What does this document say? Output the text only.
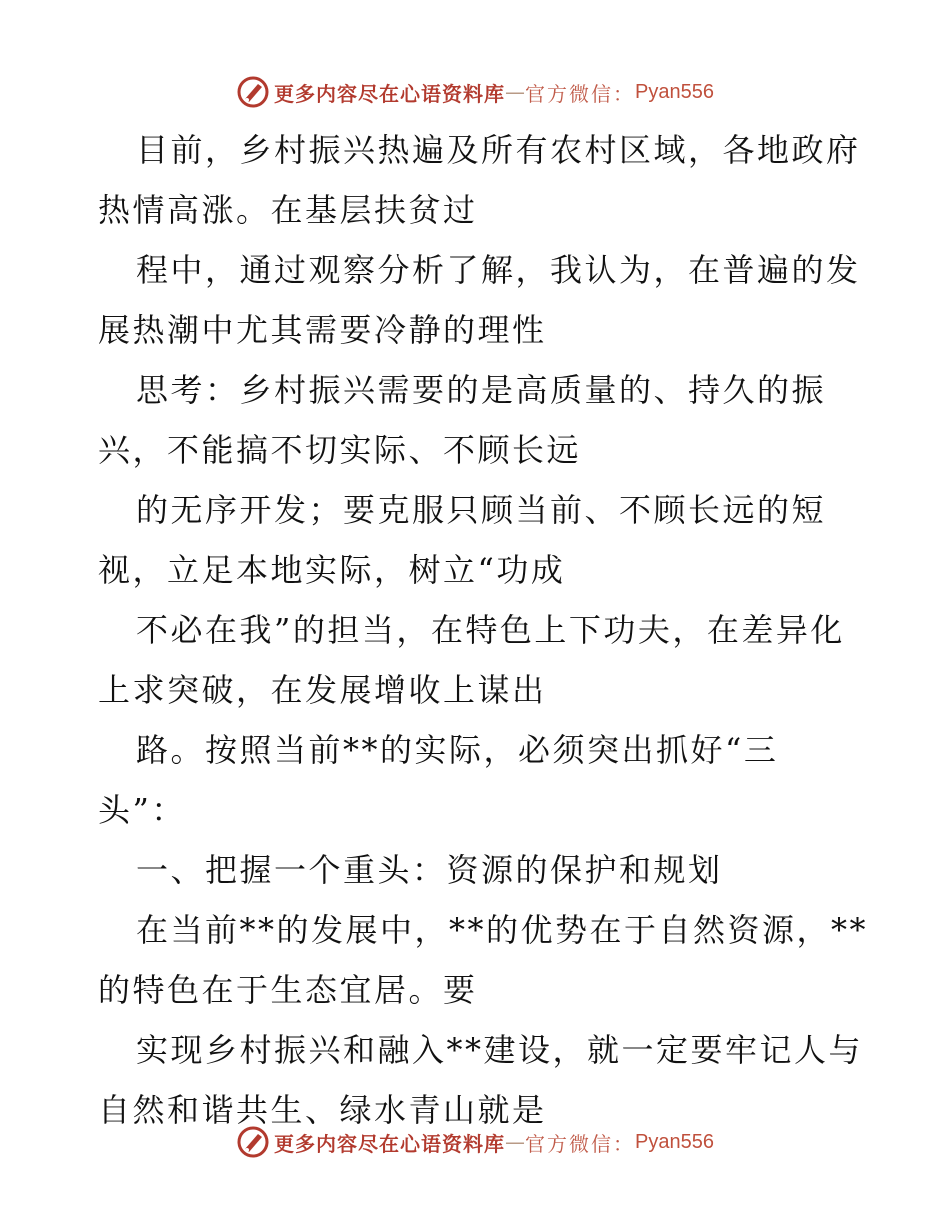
更多内容尽在心语资料库 — 官方微信： Pyan556
目前，乡村振兴热遍及所有农村区域，各地政府
热情高涨。在基层扶贫过
程中，通过观察分析了解，我认为，在普遍的发
展热潮中尤其需要冷静的理性
思考：乡村振兴需要的是高质量的、持久的振
兴，不能搞不切实际、不顾长远
的无序开发；要克服只顾当前、不顾长远的短
视，立足本地实际，树立“功成
不必在我”的担当，在特色上下功夫，在差异化
上求突破，在发展增收上谋出
路。按照当前**的实际，必须突出抓好“三
头”：
一、把握一个重头：资源的保护和规划
在当前**的发展中，**的优势在于自然资源，**
的特色在于生态宜居。要
实现乡村振兴和融入**建设，就一定要牢记人与
自然和谐共生、绿水青山就是
更多内容尽在心语资料库 — 官方微信： Pyan556
